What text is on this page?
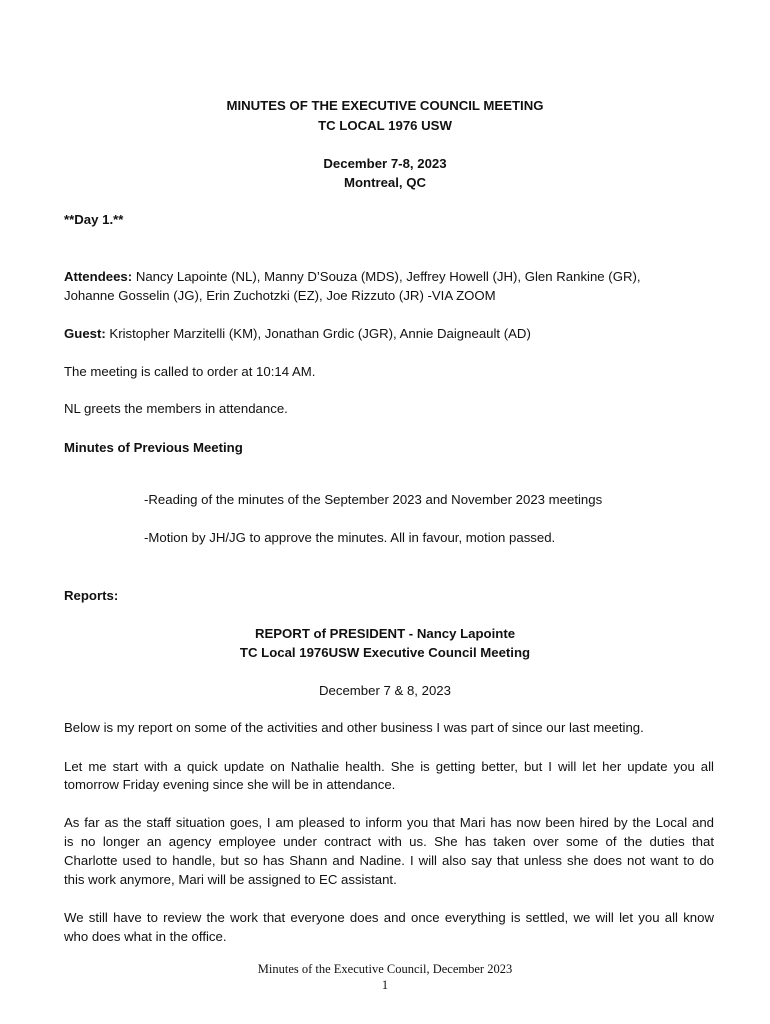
MINUTES OF THE EXECUTIVE COUNCIL MEETING
TC LOCAL 1976 USW
December 7-8, 2023
Montreal, QC
**Day 1.**
Attendees: Nancy Lapointe (NL), Manny D’Souza (MDS), Jeffrey Howell (JH), Glen Rankine (GR),
Johanne Gosselin (JG), Erin Zuchotzki (EZ), Joe Rizzuto (JR) -VIA ZOOM
Guest: Kristopher Marzitelli (KM), Jonathan Grdic (JGR), Annie Daigneault (AD)
The meeting is called to order at 10:14 AM.
NL greets the members in attendance.
Minutes of Previous Meeting
-Reading of the minutes of the September 2023 and November 2023 meetings
-Motion by JH/JG to approve the minutes. All in favour, motion passed.
Reports:
REPORT of PRESIDENT - Nancy Lapointe
TC Local 1976USW Executive Council Meeting
December 7 & 8, 2023
Below is my report on some of the activities and other business I was part of since our last meeting.
Let me start with a quick update on Nathalie health. She is getting better, but I will let her update you all
tomorrow Friday evening since she will be in attendance.
As far as the staff situation goes, I am pleased to inform you that Mari has now been hired by the Local and
is no longer an agency employee under contract with us. She has taken over some of the duties that
Charlotte used to handle, but so has Shann and Nadine. I will also say that unless she does not want to do
this work anymore, Mari will be assigned to EC assistant.
We still have to review the work that everyone does and once everything is settled, we will let you all know
who does what in the office.
Minutes of the Executive Council, December 2023
1
